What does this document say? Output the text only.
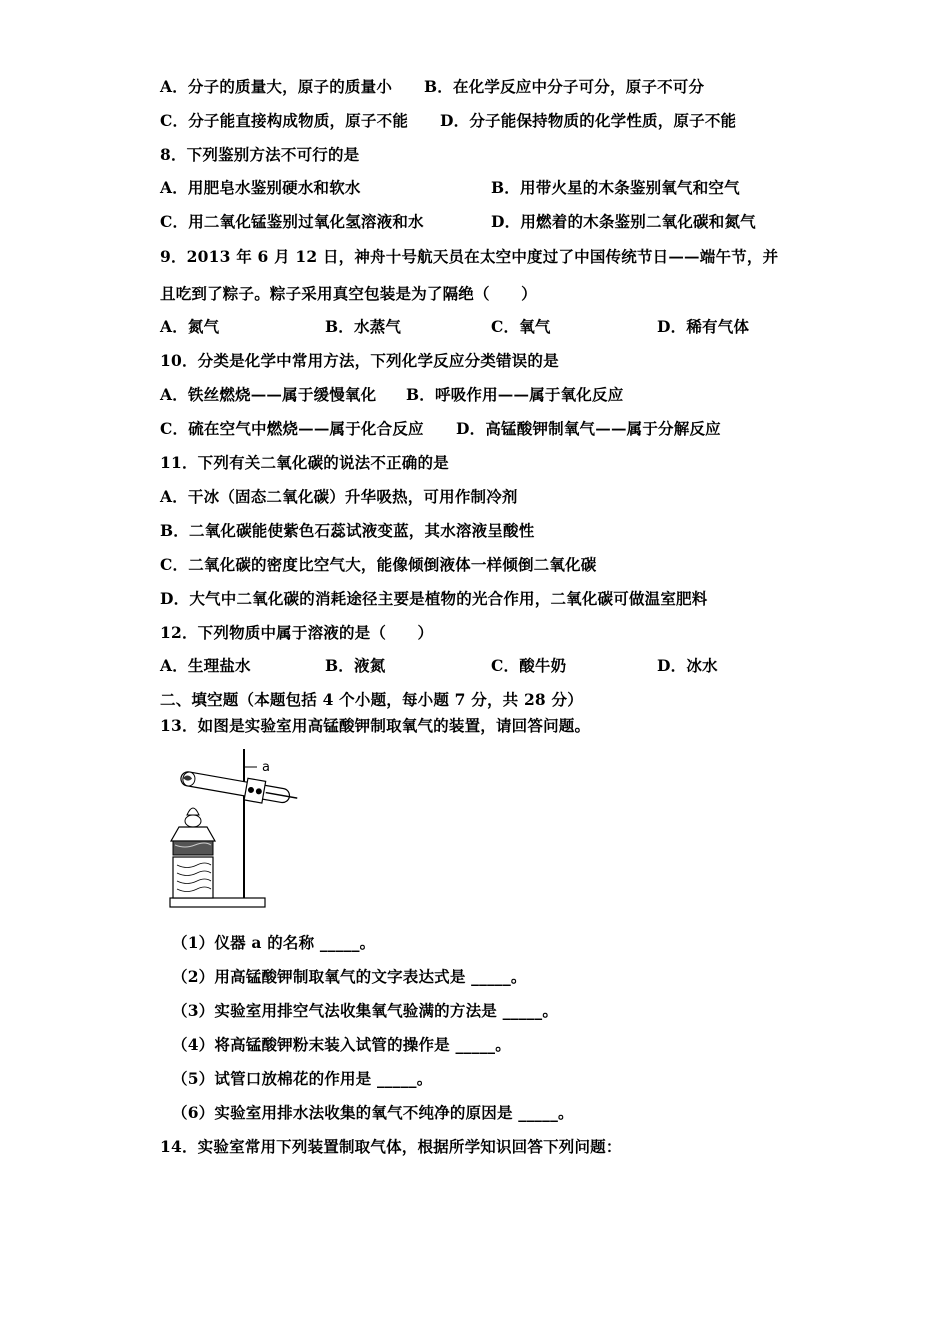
A．分子的质量大，原子的质量小 B．在化学反应中分子可分，原子不可分
C．分子能直接构成物质，原子不能 D．分子能保持物质的化学性质，原子不能
8．下列鉴别方法不可行的是
A．用肥皂水鉴别硬水和软水	B．用带火星的木条鉴别氧气和空气
C．用二氧化锰鉴别过氧化氢溶液和水	D．用燃着的木条鉴别二氧化碳和氮气
9．2013 年 6 月 12 日，神舟十号航天员在太空中度过了中国传统节日——端午节，并
且吃到了粽子。粽子采用真空包装是为了隔绝（　　）
A．氮气	B．水蒸气	C．氧气	D．稀有气体
10．分类是化学中常用方法，下列化学反应分类错误的是
A．铁丝燃烧——属于缓慢氧化 B．呼吸作用——属于氧化反应
C．硫在空气中燃烧——属于化合反应 D．高锰酸钾制氧气——属于分解反应
11．下列有关二氧化碳的说法不正确的是
A．干冰（固态二氧化碳）升华吸热，可用作制冷剂
B．二氧化碳能使紫色石蕊试液变蓝，其水溶液呈酸性
C．二氧化碳的密度比空气大，能像倾倒液体一样倾倒二氧化碳
D．大气中二氧化碳的消耗途径主要是植物的光合作用，二氧化碳可做温室肥料
12．下列物质中属于溶液的是（　　）
A．生理盐水	B．液氮	C．酸牛奶	D．冰水
二、填空题（本题包括 4 个小题，每小题 7 分，共 28 分）
13．如图是实验室用高锰酸钾制取氧气的装置，请回答问题。
a
（1）仪器 a 的名称 _____。
（2）用高锰酸钾制取氧气的文字表达式是 _____。
（3）实验室用排空气法收集氧气验满的方法是 _____。
（4）将高锰酸钾粉末装入试管的操作是 _____。
（5）试管口放棉花的作用是 _____。
（6）实验室用排水法收集的氧气不纯净的原因是 _____。
14．实验室常用下列装置制取气体，根据所学知识回答下列问题：
